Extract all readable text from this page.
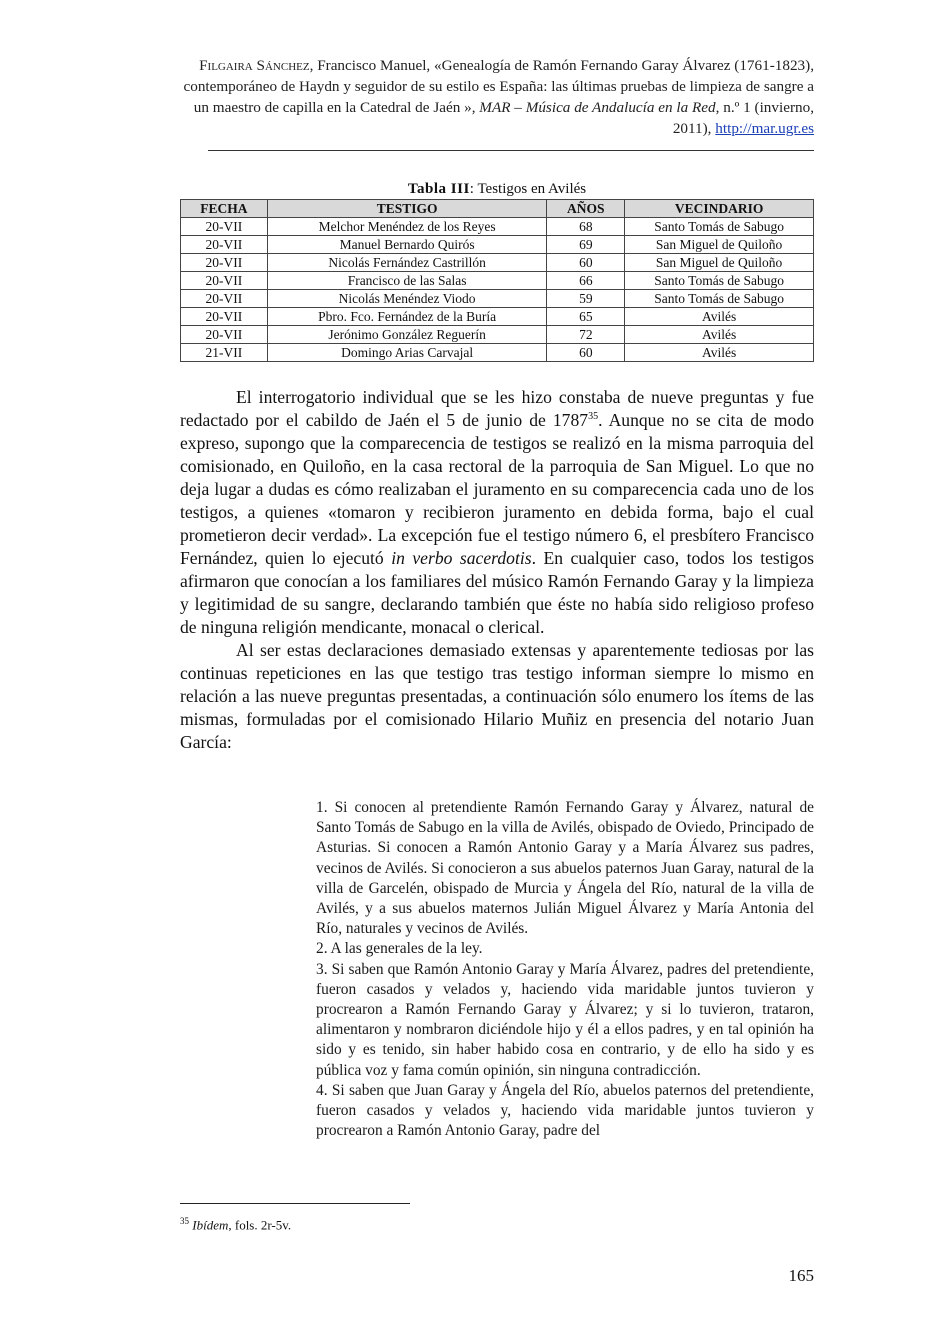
Filgaira Sánchez, Francisco Manuel, «Genealogía de Ramón Fernando Garay Álvarez (1761-1823), contemporáneo de Haydn y seguidor de su estilo es España: las últimas pruebas de limpieza de sangre a un maestro de capilla en la Catedral de Jaén », MAR – Música de Andalucía en la Red, n.º 1 (invierno, 2011), http://mar.ugr.es
Tabla III: Testigos en Avilés
FECHA	TESTIGO	AÑOS	VECINDARIO
20-VII	Melchor Menéndez de los Reyes	68	Santo Tomás de Sabugo
20-VII	Manuel Bernardo Quirós	69	San Miguel de Quiloño
20-VII	Nicolás Fernández Castrillón	60	San Miguel de Quiloño
20-VII	Francisco de las Salas	66	Santo Tomás de Sabugo
20-VII	Nicolás Menéndez Viodo	59	Santo Tomás de Sabugo
20-VII	Pbro. Fco. Fernández de la Buría	65	Avilés
20-VII	Jerónimo González Reguerín	72	Avilés
21-VII	Domingo Arias Carvajal	60	Avilés

El interrogatorio individual que se les hizo constaba de nueve preguntas y fue redactado por el cabildo de Jaén el 5 de junio de 1787$^{35}$. Aunque no se cita de modo expreso, supongo que la comparecencia de testigos se realizó en la misma parroquia del comisionado, en Quiloño, en la casa rectoral de la parroquia de San Miguel. Lo que no deja lugar a dudas es cómo realizaban el juramento en su comparecencia cada uno de los testigos, a quienes «tomaron y recibieron juramento en debida forma, bajo el cual prometieron decir verdad». La excepción fue el testigo número 6, el presbítero Francisco Fernández, quien lo ejecutó in verbo sacerdotis. En cualquier caso, todos los testigos afirmaron que conocían a los familiares del músico Ramón Fernando Garay y la limpieza y legitimidad de su sangre, declarando también que éste no había sido religioso profeso de ninguna religión mendicante, monacal o clerical.

Al ser estas declaraciones demasiado extensas y aparentemente tediosas por las continuas repeticiones en las que testigo tras testigo informan siempre lo mismo en relación a las nueve preguntas presentadas, a continuación sólo enumero los ítems de las mismas, formuladas por el comisionado Hilario Muñiz en presencia del notario Juan García:

1. Si conocen al pretendiente Ramón Fernando Garay y Álvarez, natural de Santo Tomás de Sabugo en la villa de Avilés, obispado de Oviedo, Principado de Asturias. Si conocen a Ramón Antonio Garay y a María Álvarez sus padres, vecinos de Avilés. Si conocieron a sus abuelos paternos Juan Garay, natural de la villa de Garcelén, obispado de Murcia y Ángela del Río, natural de la villa de Avilés, y a sus abuelos maternos Julián Miguel Álvarez y María Antonia del Río, naturales y vecinos de Avilés.

2. A las generales de la ley.

3. Si saben que Ramón Antonio Garay y María Álvarez, padres del pretendiente, fueron casados y velados y, haciendo vida maridable juntos tuvieron y procrearon a Ramón Fernando Garay y Álvarez; y si lo tuvieron, trataron, alimentaron y nombraron diciéndole hijo y él a ellos padres, y en tal opinión ha sido y es tenido, sin haber habido cosa en contrario, y de ello ha sido y es pública voz y fama común opinión, sin ninguna contradicción.

4. Si saben que Juan Garay y Ángela del Río, abuelos paternos del pretendiente, fueron casados y velados y, haciendo vida maridable juntos tuvieron y procrearon a Ramón Antonio Garay, padre del

$^{35}$ Ibídem, fols. 2r-5v.
165
